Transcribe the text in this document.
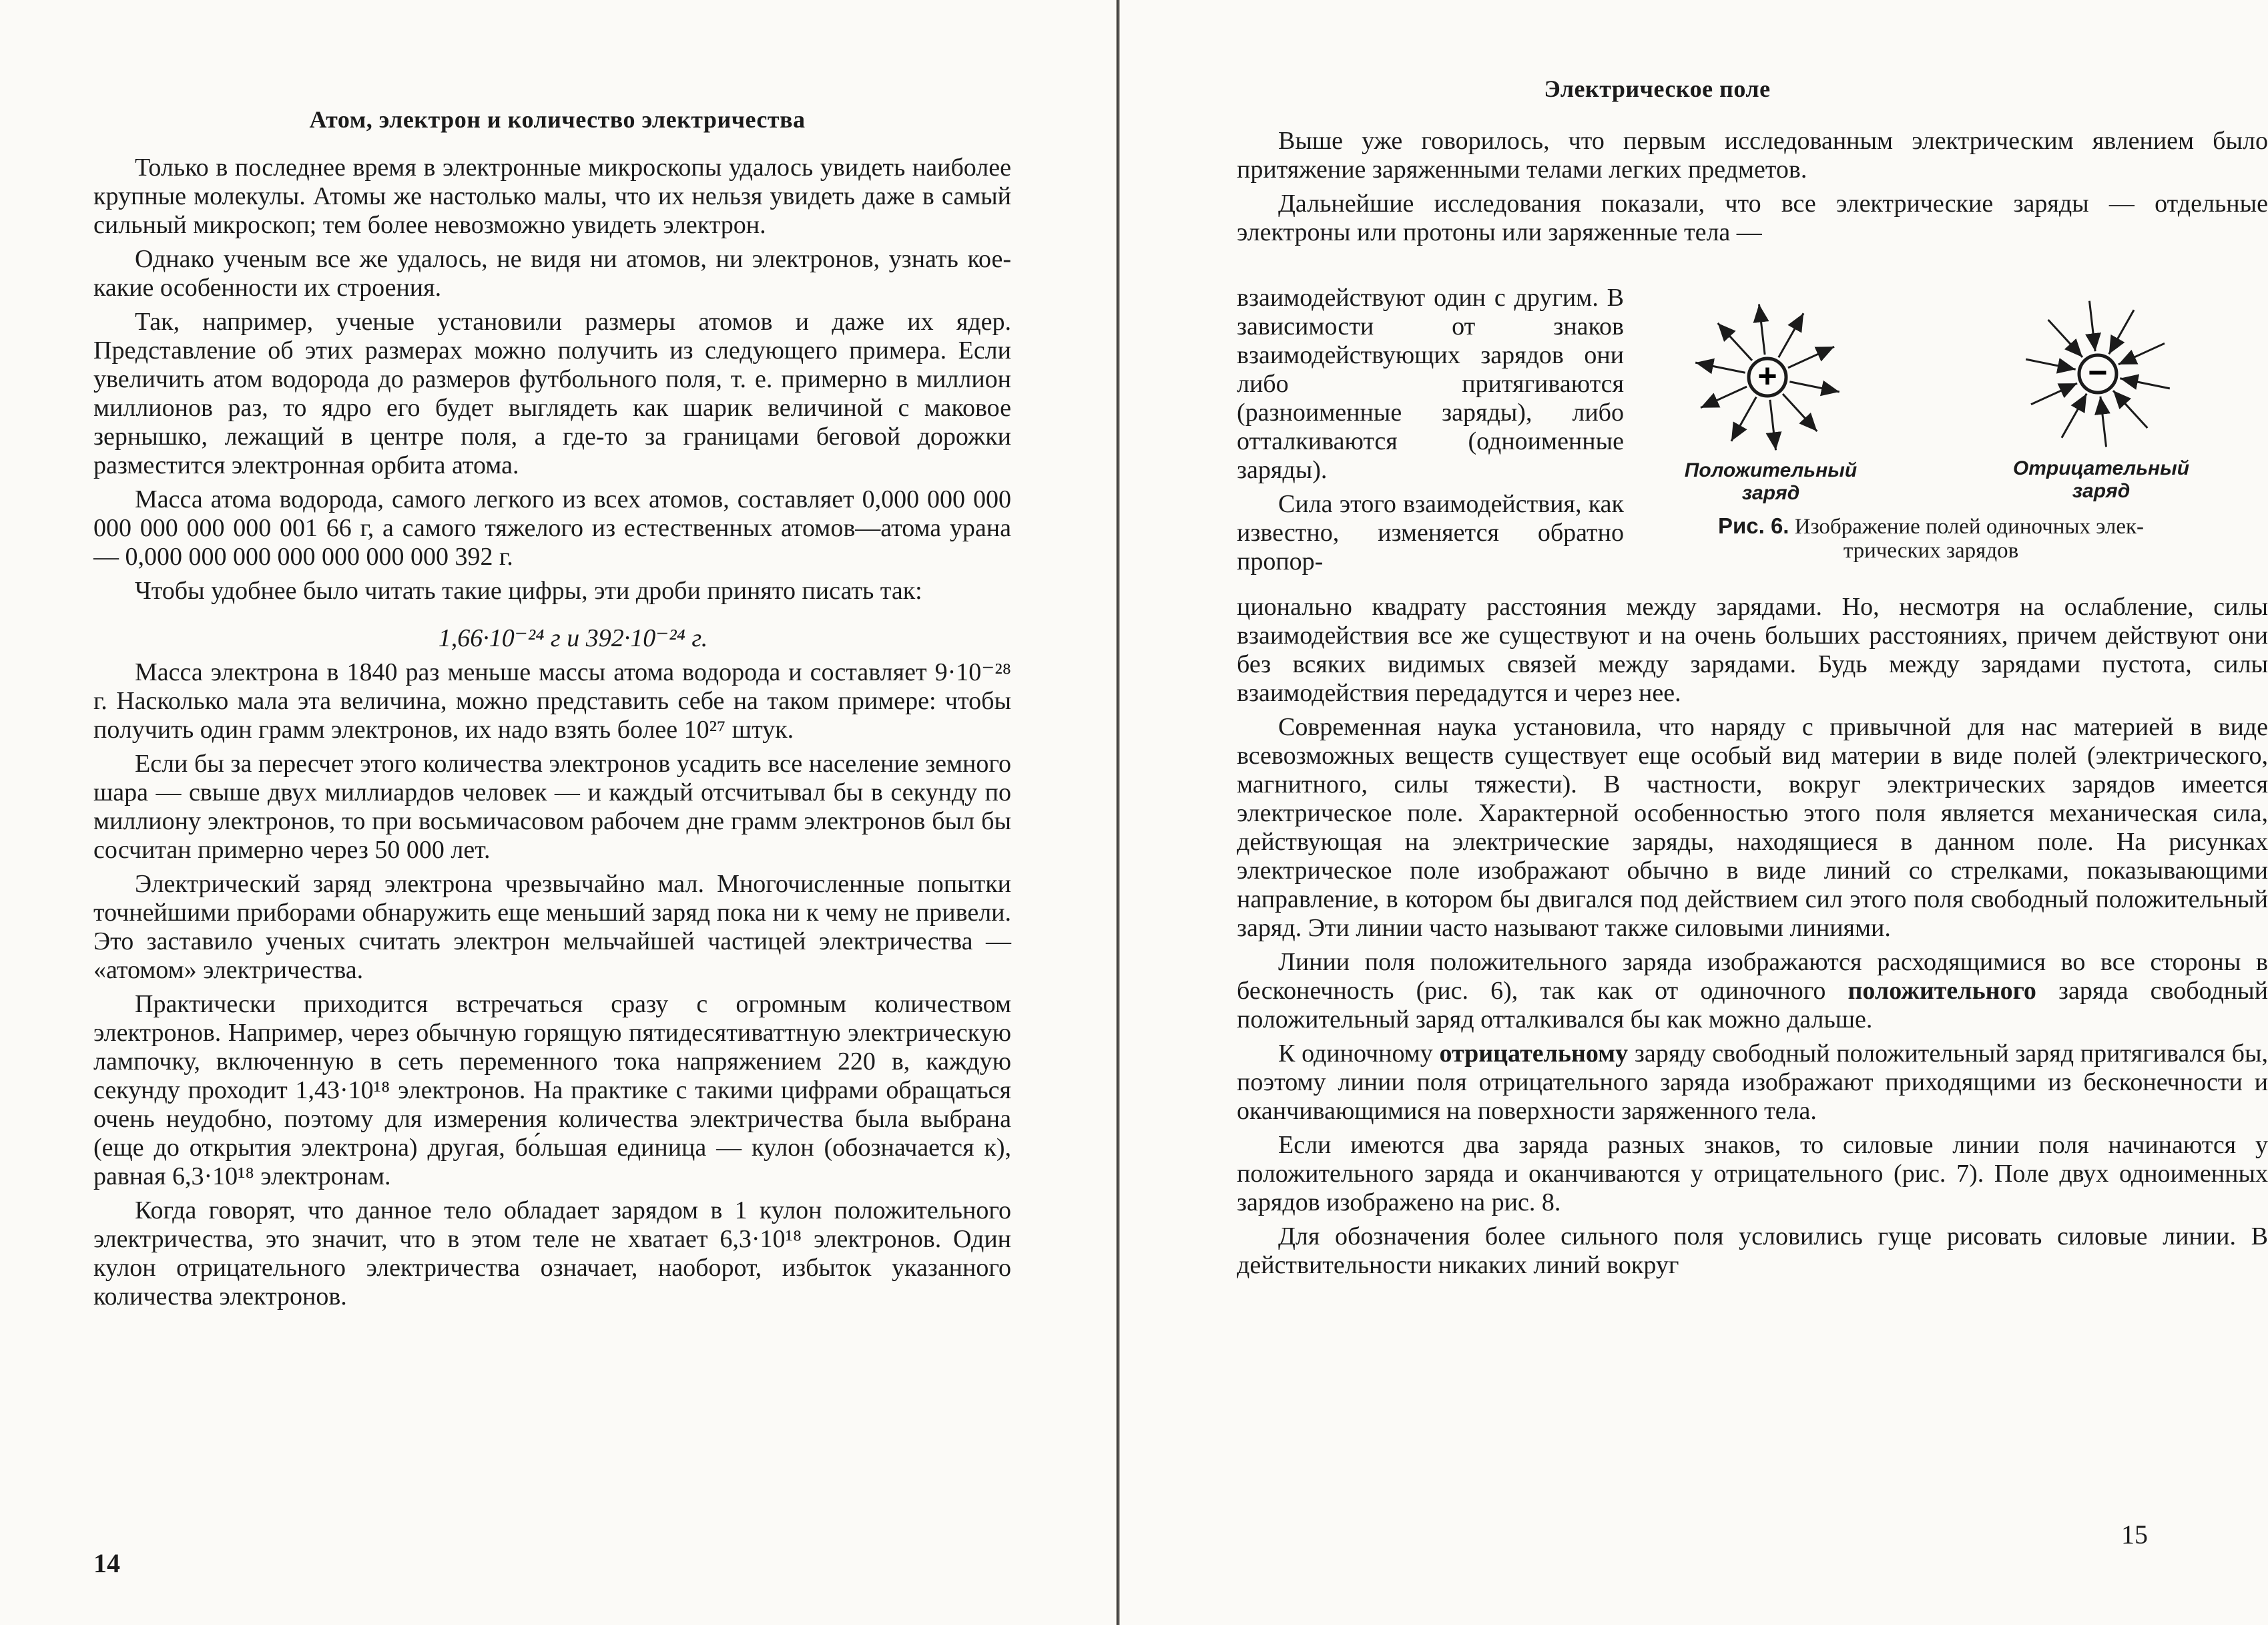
Атом, электрон и количество электричества

Только в последнее время в электронные микроскопы удалось увидеть наиболее крупные молекулы. Атомы же настолько малы, что их нельзя увидеть даже в самый сильный микроскоп; тем более невозможно увидеть электрон.

Однако ученым все же удалось, не видя ни атомов, ни электронов, узнать кое-какие особенности их строения.

Так, например, ученые установили размеры атомов и даже их ядер. Представление об этих размерах можно получить из следующего примера. Если увеличить атом водорода до размеров футбольного поля, т. е. примерно в миллион миллионов раз, то ядро его будет выглядеть как шарик величиной с маковое зернышко, лежащий в центре поля, а где-то за границами беговой дорожки разместится электронная орбита атома.

Масса атома водорода, самого легкого из всех атомов, составляет 0,000 000 000 000 000 000 000 001 66 г, а самого тяжелого из естественных атомов—атома урана — 0,000 000 000 000 000 000 000 392 г.

Чтобы удобнее было читать такие цифры, эти дроби принято писать так:

1,66·10⁻²⁴ г и 392·10⁻²⁴ г.

Масса электрона в 1840 раз меньше массы атома водорода и составляет 9·10⁻²⁸ г. Насколько мала эта величина, можно представить себе на таком примере: чтобы получить один грамм электронов, их надо взять более 10²⁷ штук.

Если бы за пересчет этого количества электронов усадить все население земного шара — свыше двух миллиардов человек — и каждый отсчитывал бы в секунду по миллиону электронов, то при восьмичасовом рабочем дне грамм электронов был бы сосчитан примерно через 50 000 лет.

Электрический заряд электрона чрезвычайно мал. Многочисленные попытки точнейшими приборами обнаружить еще меньший заряд пока ни к чему не привели. Это заставило ученых считать электрон мельчайшей частицей электричества — «атомом» электричества.

Практически приходится встречаться сразу с огромным количеством электронов. Например, через обычную горящую пятидесятиваттную электрическую лампочку, включенную в сеть переменного тока напряжением 220 в, каждую секунду проходит 1,43·10¹⁸ электронов. На практике с такими цифрами обращаться очень неудобно, поэтому для измерения количества электричества была выбрана (еще до открытия электрона) другая, бо́льшая единица — кулон (обозначается к), равная 6,3·10¹⁸ электронам.

Когда говорят, что данное тело обладает зарядом в 1 кулон положительного электричества, это значит, что в этом теле не хватает 6,3·10¹⁸ электронов. Один кулон отрицательного электричества означает, наоборот, избыток указанного количества электронов.

14
Электрическое поле

Выше уже говорилось, что первым исследованным электрическим явлением было притяжение заряженными телами легких предметов.

Дальнейшие исследования показали, что все электрические заряды — отдельные электроны или протоны или заряженные тела —

взаимодействуют один с другим. В зависимости от знаков взаимодействующих зарядов они либо притягиваются (разноименные заряды), либо отталкиваются (одноименные заряды).

Сила этого взаимодействия, как известно, изменяется обратно пропор-

+	−
Положительный
заряд
Отрицательный
заряд
Рис. 6. Изображение полей одиночных элек-
трических зарядов

ционально квадрату расстояния между зарядами. Но, несмотря на ослабление, силы взаимодействия все же существуют и на очень больших расстояниях, причем действуют они без всяких видимых связей между зарядами. Будь между зарядами пустота, силы взаимодействия передадутся и через нее.

Современная наука установила, что наряду с привычной для нас материей в виде всевозможных веществ существует еще особый вид материи в виде полей (электрического, магнитного, силы тяжести). В частности, вокруг электрических зарядов имеется электрическое поле. Характерной особенностью этого поля является механическая сила, действующая на электрические заряды, находящиеся в данном поле. На рисунках электрическое поле изображают обычно в виде линий со стрелками, показывающими направление, в котором бы двигался под действием сил этого поля свободный положительный заряд. Эти линии часто называют также силовыми линиями.

Линии поля положительного заряда изображаются расходящимися во все стороны в бесконечность (рис. 6), так как от одиночного положительного заряда свободный положительный заряд отталкивался бы как можно дальше.

К одиночному отрицательному заряду свободный положительный заряд притягивался бы, поэтому линии поля отрицательного заряда изображают приходящими из бесконечности и оканчивающимися на поверхности заряженного тела.

Если имеются два заряда разных знаков, то силовые линии поля начинаются у положительного заряда и оканчиваются у отрицательного (рис. 7). Поле двух одноименных зарядов изображено на рис. 8.

Для обозначения более сильного поля условились гуще рисовать силовые линии. В действительности никаких линий вокруг

15
